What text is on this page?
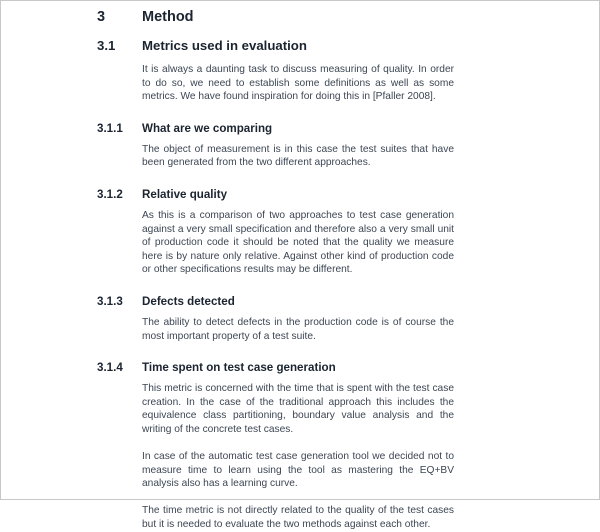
3	Method
3.1	Metrics used in evaluation

It is always a daunting task to discuss measuring of quality. In order to do so, we need to establish some definitions as well as some metrics. We have found inspiration for doing this in [Pfaller 2008].

3.1.1	What are we comparing

The object of measurement is in this case the test suites that have been generated from the two different approaches.

3.1.2	Relative quality

As this is a comparison of two approaches to test case generation against a very small specification and therefore also a very small unit of production code it should be noted that the quality we measure here is by nature only relative. Against other kind of production code or other specifications results may be different.

3.1.3	Defects detected

The ability to detect defects in the production code is of course the most important property of a test suite.

3.1.4	Time spent on test case generation

This metric is concerned with the time that is spent with the test case creation. In the case of the traditional approach this includes the equivalence class partitioning, boundary value analysis and the writing of the concrete test cases.

In case of the automatic test case generation tool we decided not to measure time to learn using the tool as mastering the EQ+BV analysis also has a learning curve.

The time metric is not directly related to the quality of the test cases but it is needed to evaluate the two methods against each other.
